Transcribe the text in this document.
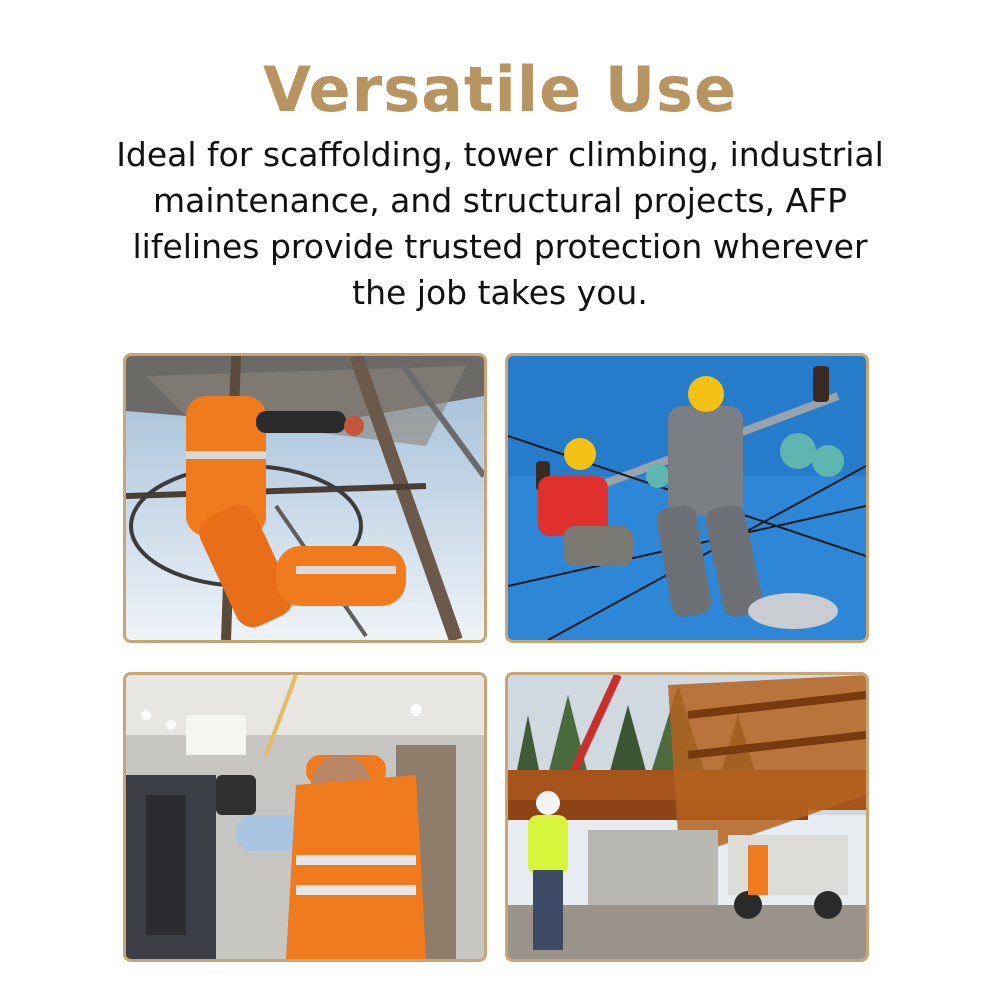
Versatile Use

Ideal for scaffolding, tower climbing, industrial
maintenance, and structural projects, AFP
lifelines provide trusted protection wherever
the job takes you.
